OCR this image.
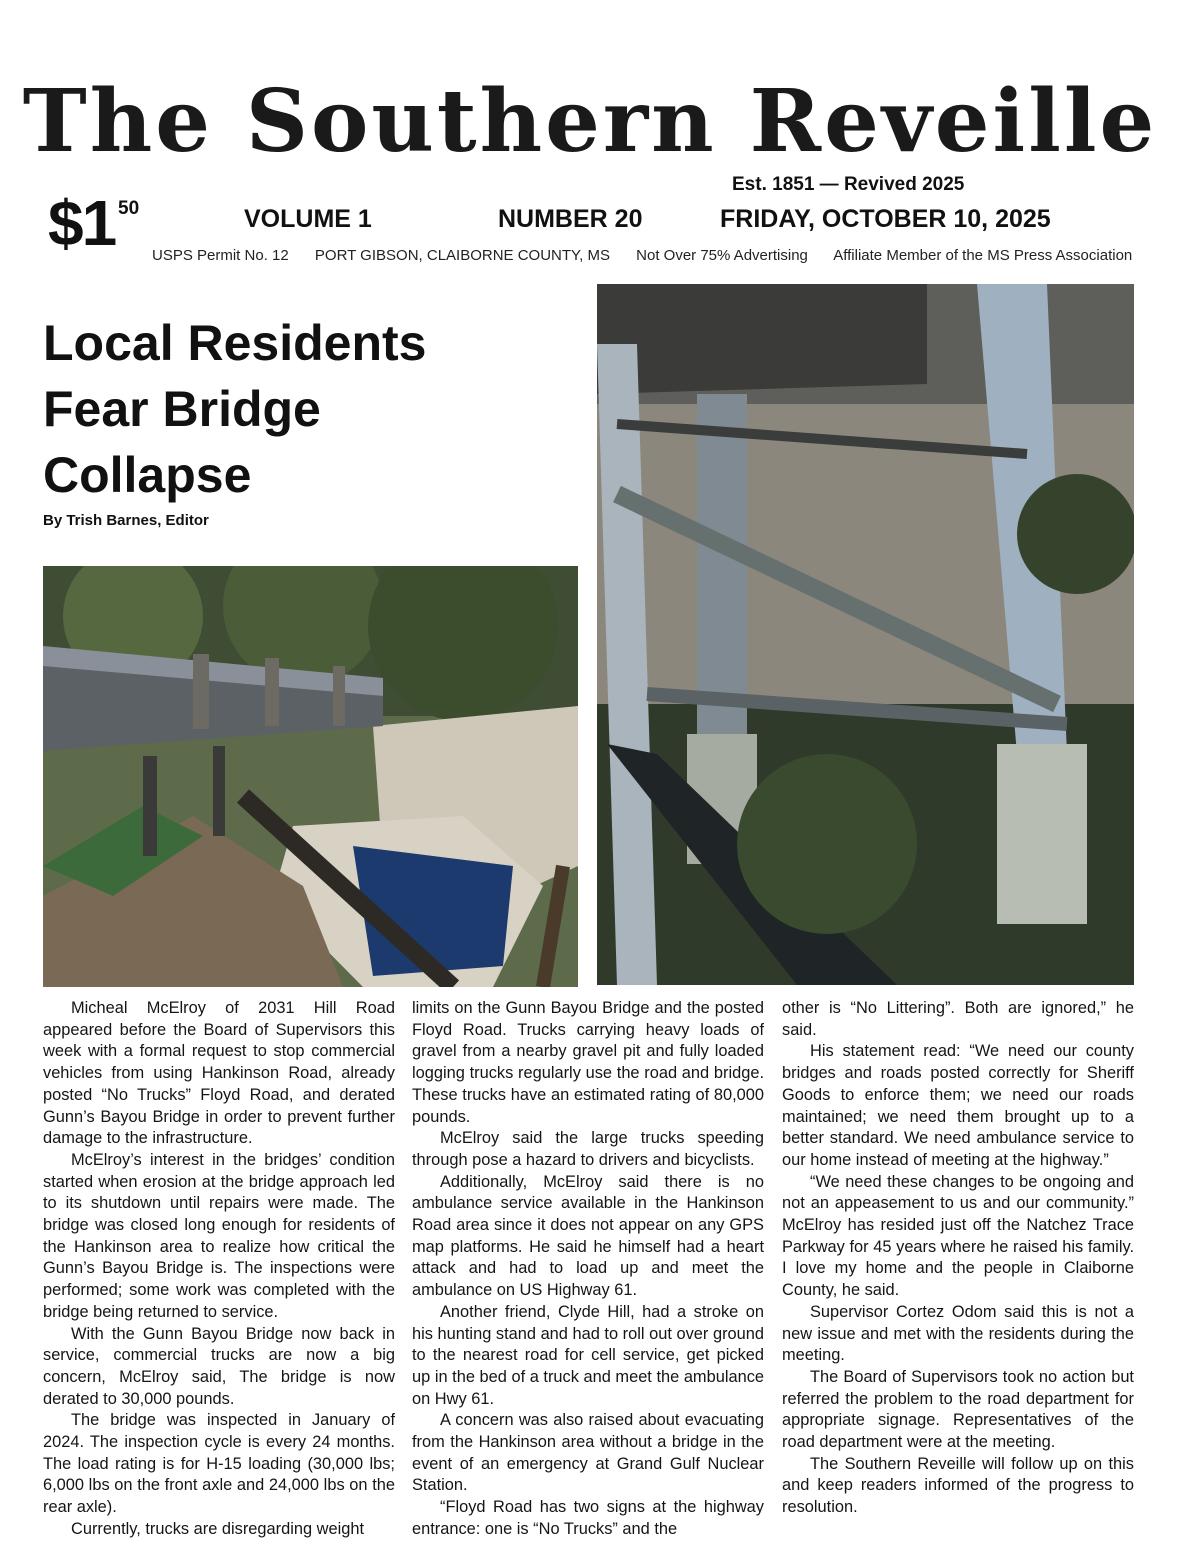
The Southern Reveille
Est. 1851 — Revived 2025
$1 50	VOLUME 1	NUMBER 20	FRIDAY, OCTOBER 10, 2025
USPS Permit No. 12 PORT GIBSON, CLAIBORNE COUNTY, MS Not Over 75% Advertising Affiliate Member of the MS Press Association
Local Residents
Fear Bridge
Collapse
By Trish Barnes, Editor

Micheal McElroy of 2031 Hill Road appeared before the Board of Supervisors this week with a formal request to stop commercial vehicles from using Hankinson Road, already posted “No Trucks” Floyd Road, and derated Gunn’s Bayou Bridge in order to prevent further damage to the infrastructure.

McElroy’s interest in the bridges’ condition started when erosion at the bridge approach led to its shutdown until repairs were made. The bridge was closed long enough for residents of the Hankinson area to realize how critical the Gunn’s Bayou Bridge is. The inspections were performed; some work was completed with the bridge being returned to service.

With the Gunn Bayou Bridge now back in service, commercial trucks are now a big concern, McElroy said, The bridge is now derated to 30,000 pounds.

The bridge was inspected in January of 2024. The inspection cycle is every 24 months. The load rating is for H-15 loading (30,000 lbs; 6,000 lbs on the front axle and 24,000 lbs on the rear axle).

Currently, trucks are disregarding weight

limits on the Gunn Bayou Bridge and the posted Floyd Road. Trucks carrying heavy loads of gravel from a nearby gravel pit and fully loaded logging trucks regularly use the road and bridge. These trucks have an estimated rating of 80,000 pounds.

McElroy said the large trucks speeding through pose a hazard to drivers and bicyclists.

Additionally, McElroy said there is no ambulance service available in the Hankinson Road area since it does not appear on any GPS map platforms. He said he himself had a heart attack and had to load up and meet the ambulance on US Highway 61.

Another friend, Clyde Hill, had a stroke on his hunting stand and had to roll out over ground to the nearest road for cell service, get picked up in the bed of a truck and meet the ambulance on Hwy 61.

A concern was also raised about evacuating from the Hankinson area without a bridge in the event of an emergency at Grand Gulf Nuclear Station.

“Floyd Road has two signs at the highway entrance: one is “No Trucks” and the

other is “No Littering”. Both are ignored,” he said.

His statement read: “We need our county bridges and roads posted correctly for Sheriff Goods to enforce them; we need our roads maintained; we need them brought up to a better standard. We need ambulance service to our home instead of meeting at the highway.”

“We need these changes to be ongoing and not an appeasement to us and our community.” McElroy has resided just off the Natchez Trace Parkway for 45 years where he raised his family. I love my home and the people in Claiborne County, he said.

Supervisor Cortez Odom said this is not a new issue and met with the residents during the meeting.

The Board of Supervisors took no action but referred the problem to the road department for appropriate signage. Representatives of the road department were at the meeting.

The Southern Reveille will follow up on this and keep readers informed of the progress to resolution.
